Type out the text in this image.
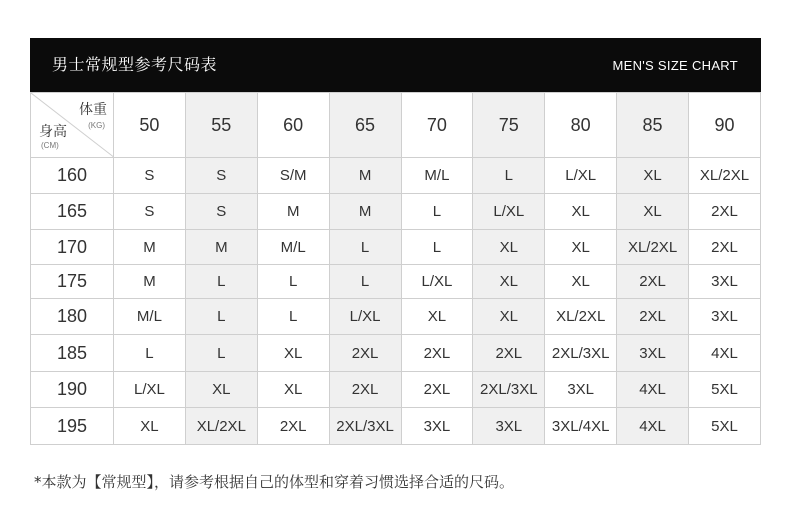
男士常规型参考尺码表	MEN'S SIZE CHART
体重
(KG)
身高
(CM)	50	55	60	65	70	75	80	85	90
160	S	S	S/M	M	M/L	L	L/XL	XL	XL/2XL
165	S	S	M	M	L	L/XL	XL	XL	2XL
170	M	M	M/L	L	L	XL	XL	XL/2XL	2XL
175	M	L	L	L	L/XL	XL	XL	2XL	3XL
180	M/L	L	L	L/XL	XL	XL	XL/2XL	2XL	3XL
185	L	L	XL	2XL	2XL	2XL	2XL/3XL	3XL	4XL
190	L/XL	XL	XL	2XL	2XL	2XL/3XL	3XL	4XL	5XL
195	XL	XL/2XL	2XL	2XL/3XL	3XL	3XL	3XL/4XL	4XL	5XL
*本款为【常规型】，请参考根据自己的体型和穿着习惯选择合适的尺码。
